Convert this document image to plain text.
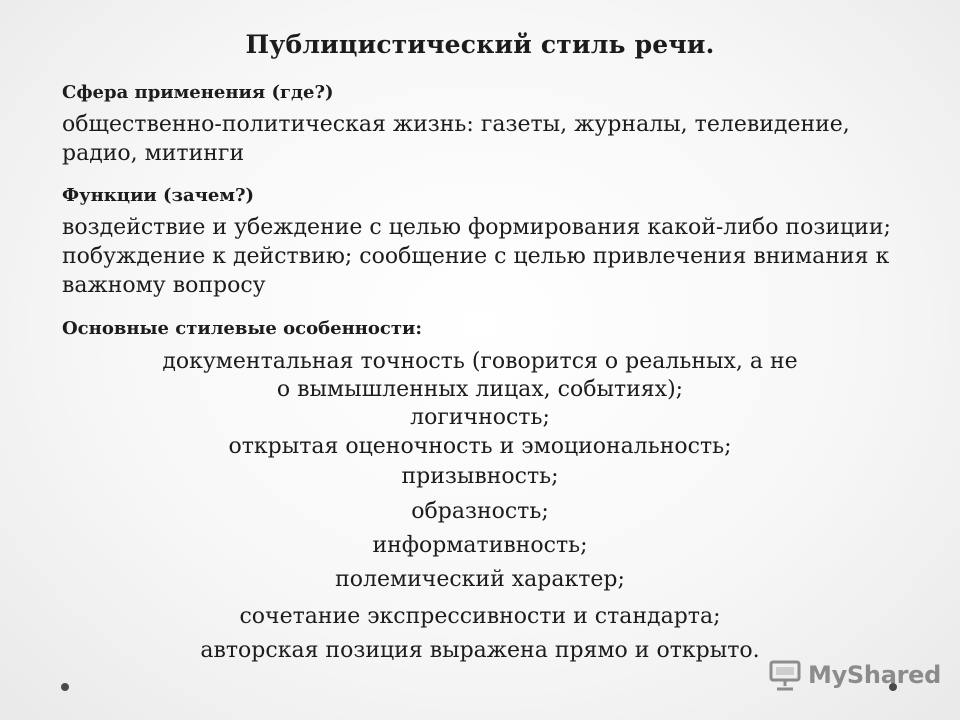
Публицистический стиль речи.
Сфера применения (где?)
общественно-политическая жизнь: газеты, журналы, телевидение, радио, митинги
Функции (зачем?)
воздействие и убеждение с целью формирования какой-либо позиции; побуждение к действию; сообщение с целью привлечения внимания к важному вопросу
Основные стилевые особенности:
документальная точность (говорится о реальных, а не
о вымышленных лицах, событиях);
логичность;
открытая оценочность и эмоциональность;
призывность;
образность;
информативность;
полемический характер;
сочетание экспрессивности и стандарта;
авторская позиция выражена прямо и открыто.
MyShared
